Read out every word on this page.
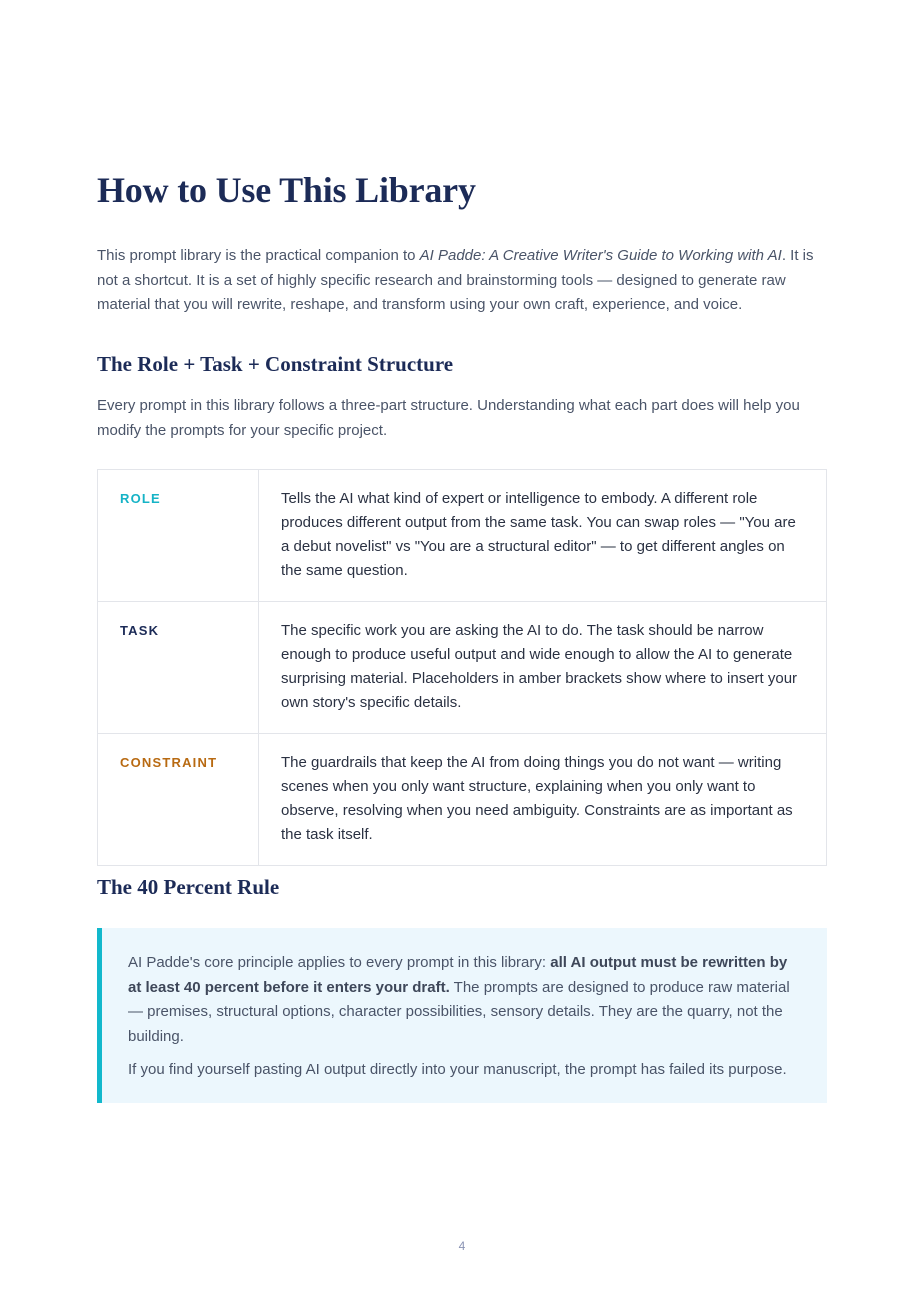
How to Use This Library

This prompt library is the practical companion to AI Padde: A Creative Writer's Guide to Working with AI. It is not a shortcut. It is a set of highly specific research and brainstorming tools — designed to generate raw material that you will rewrite, reshape, and transform using your own craft, experience, and voice.

The Role + Task + Constraint Structure

Every prompt in this library follows a three-part structure. Understanding what each part does will help you modify the prompts for your specific project.

ROLE	Tells the AI what kind of expert or intelligence to embody. A different role produces different output from the same task. You can swap roles — "You are a debut novelist" vs "You are a structural editor" — to get different angles on the same question.
TASK	The specific work you are asking the AI to do. The task should be narrow enough to produce useful output and wide enough to allow the AI to generate surprising material. Placeholders in amber brackets show where to insert your own story's specific details.
CONSTRAINT	The guardrails that keep the AI from doing things you do not want — writing scenes when you only want structure, explaining when you only want to observe, resolving when you need ambiguity. Constraints are as important as the task itself.
The 40 Percent Rule

AI Padde's core principle applies to every prompt in this library: all AI output must be rewritten by at least 40 percent before it enters your draft. The prompts are designed to produce raw material — premises, structural options, character possibilities, sensory details. They are the quarry, not the building.

If you find yourself pasting AI output directly into your manuscript, the prompt has failed its purpose.

4
